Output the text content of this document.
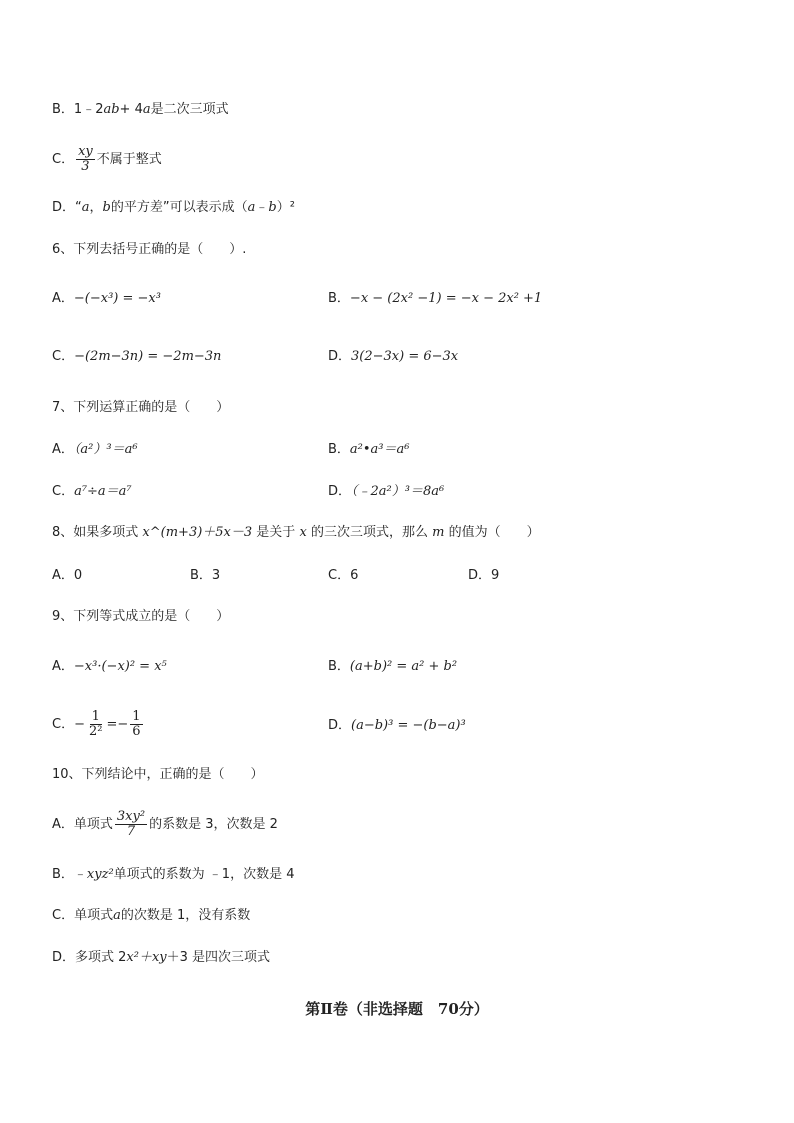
B．1﹣2ab+ 4a是二次三项式
C． $\frac{xy}{3}$ 不属于整式
D．“a，b的平方差”可以表示成（a﹣b）²
6、下列去括号正确的是（　　）.
A．−(−x³) = −x³	B．−x − (2x² −1) = −x − 2x² +1
C．−(2m−3n) = −2m−3n	D．3(2−3x) = 6−3x
7、下列运算正确的是（　　）
A．（a²）³＝a⁶	B．a²•a³＝a⁶
C．a⁷÷a＝a⁷	D．（﹣2a²）³＝8a⁶
8、如果多项式 x^(m+3)＋5x－3 是关于 x 的三次三项式，那么 m 的值为（　　）
A．0	B．3	C．6	D．9
9、下列等式成立的是（　　）
A．−x³·(−x)² = x⁵	B．(a+b)² = a² + b²
C．− $\frac{1}{\text{2²}} =- \frac{1}{6}$	D．(a−b)³ = −(b−a)³
10、下列结论中，正确的是（　　）
A．单项式 $\frac{\text{3xy²}}{7}$ 的系数是 3，次数是 2
B．﹣xyz²单项式的系数为 ﹣1，次数是 4
C．单项式a的次数是 1，没有系数
D．多项式 2x²＋xy＋3 是四次三项式
第Ⅱ卷（非选择题　70分）
